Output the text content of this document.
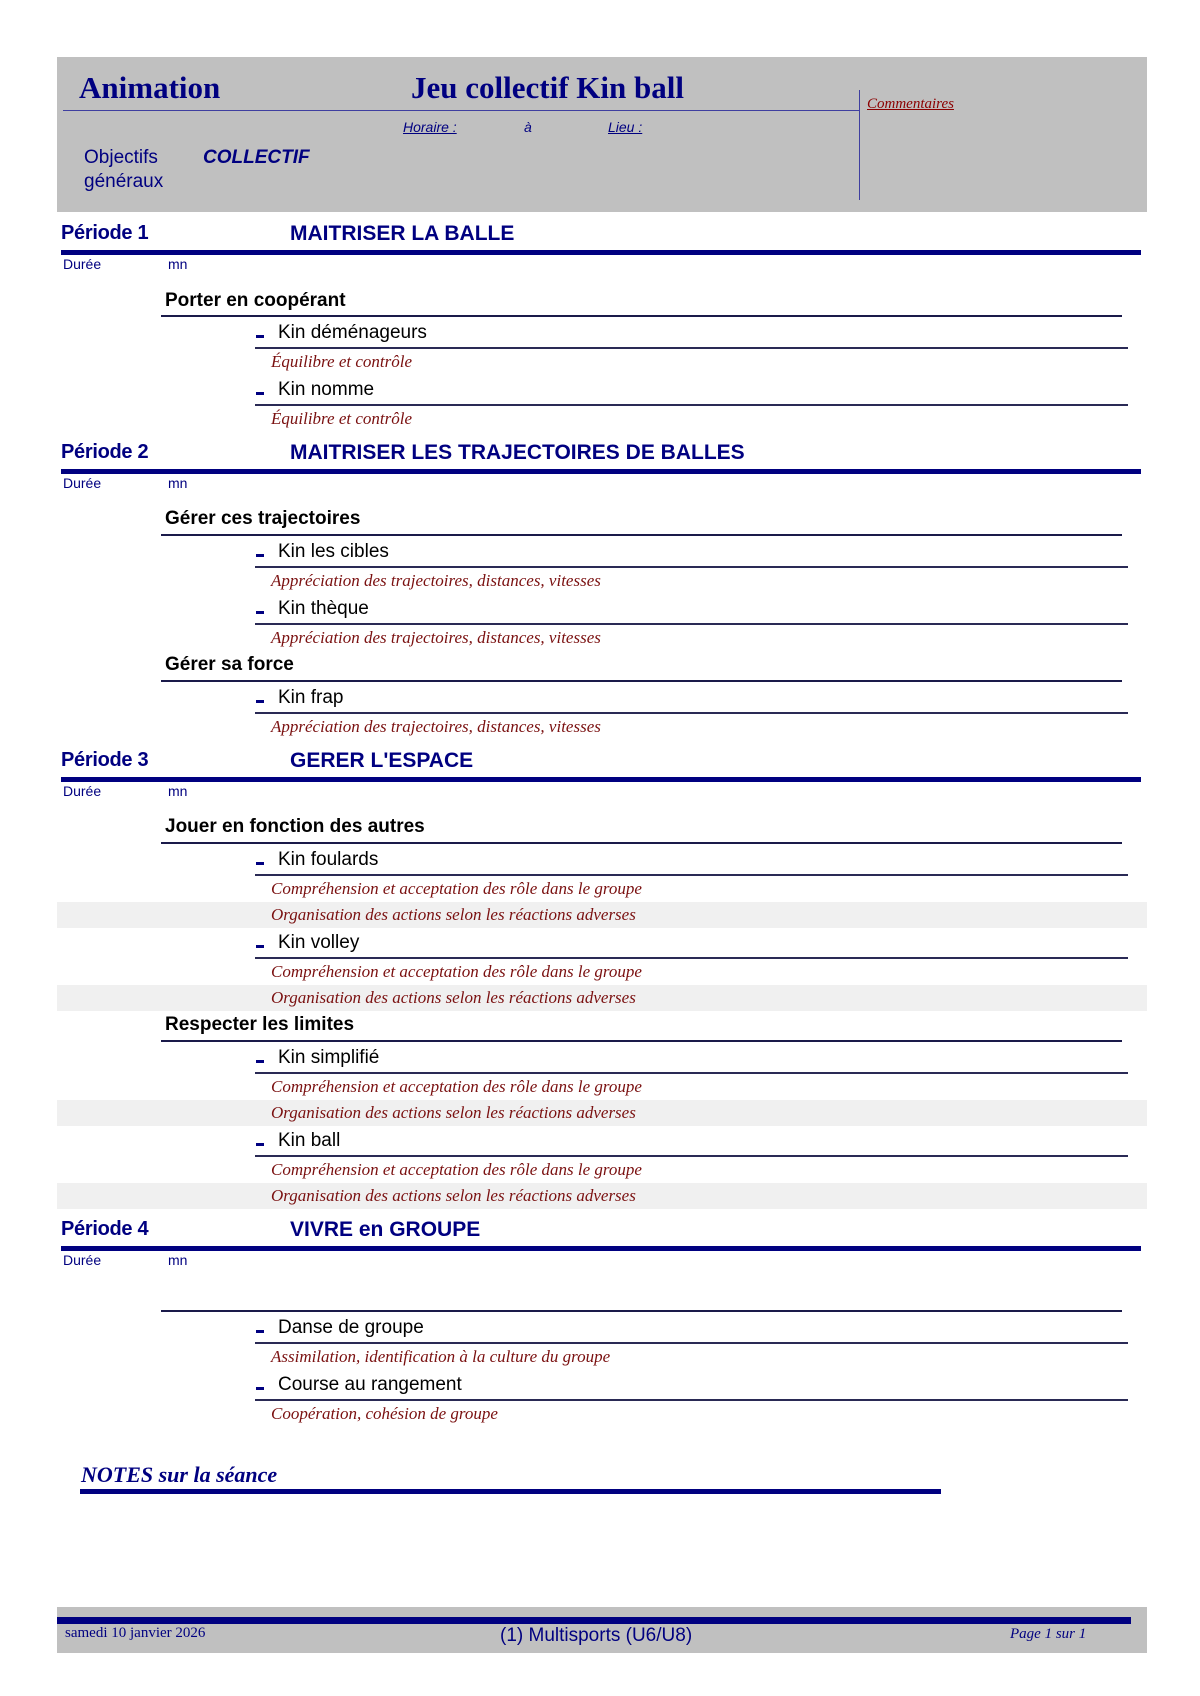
Animation	Jeu collectif Kin ball	Commentaires
Horaire :	à	Lieu :
Objectifs
généraux
COLLECTIF
Période 1	MAITRISER LA BALLE
Durée	mn
Porter en coopérant
Kin déménageurs
Équilibre et contrôle
Kin nomme
Équilibre et contrôle
Période 2	MAITRISER LES TRAJECTOIRES DE BALLES
Durée	mn
Gérer ces trajectoires
Kin les cibles
Appréciation des trajectoires, distances, vitesses
Kin thèque
Appréciation des trajectoires, distances, vitesses
Gérer sa force
Kin frap
Appréciation des trajectoires, distances, vitesses
Période 3	GERER L'ESPACE
Durée	mn
Jouer en fonction des autres
Kin foulards
Compréhension et acceptation des rôle dans le groupe
Organisation des actions selon les réactions adverses
Kin volley
Compréhension et acceptation des rôle dans le groupe
Organisation des actions selon les réactions adverses
Respecter les limites
Kin simplifié
Compréhension et acceptation des rôle dans le groupe
Organisation des actions selon les réactions adverses
Kin ball
Compréhension et acceptation des rôle dans le groupe
Organisation des actions selon les réactions adverses
Période 4	VIVRE en GROUPE
Durée	mn
Danse de groupe
Assimilation, identification à la culture du groupe
Course au rangement
Coopération, cohésion de groupe
NOTES sur la séance
samedi 10 janvier 2026	(1) Multisports (U6/U8)	Page 1 sur 1
